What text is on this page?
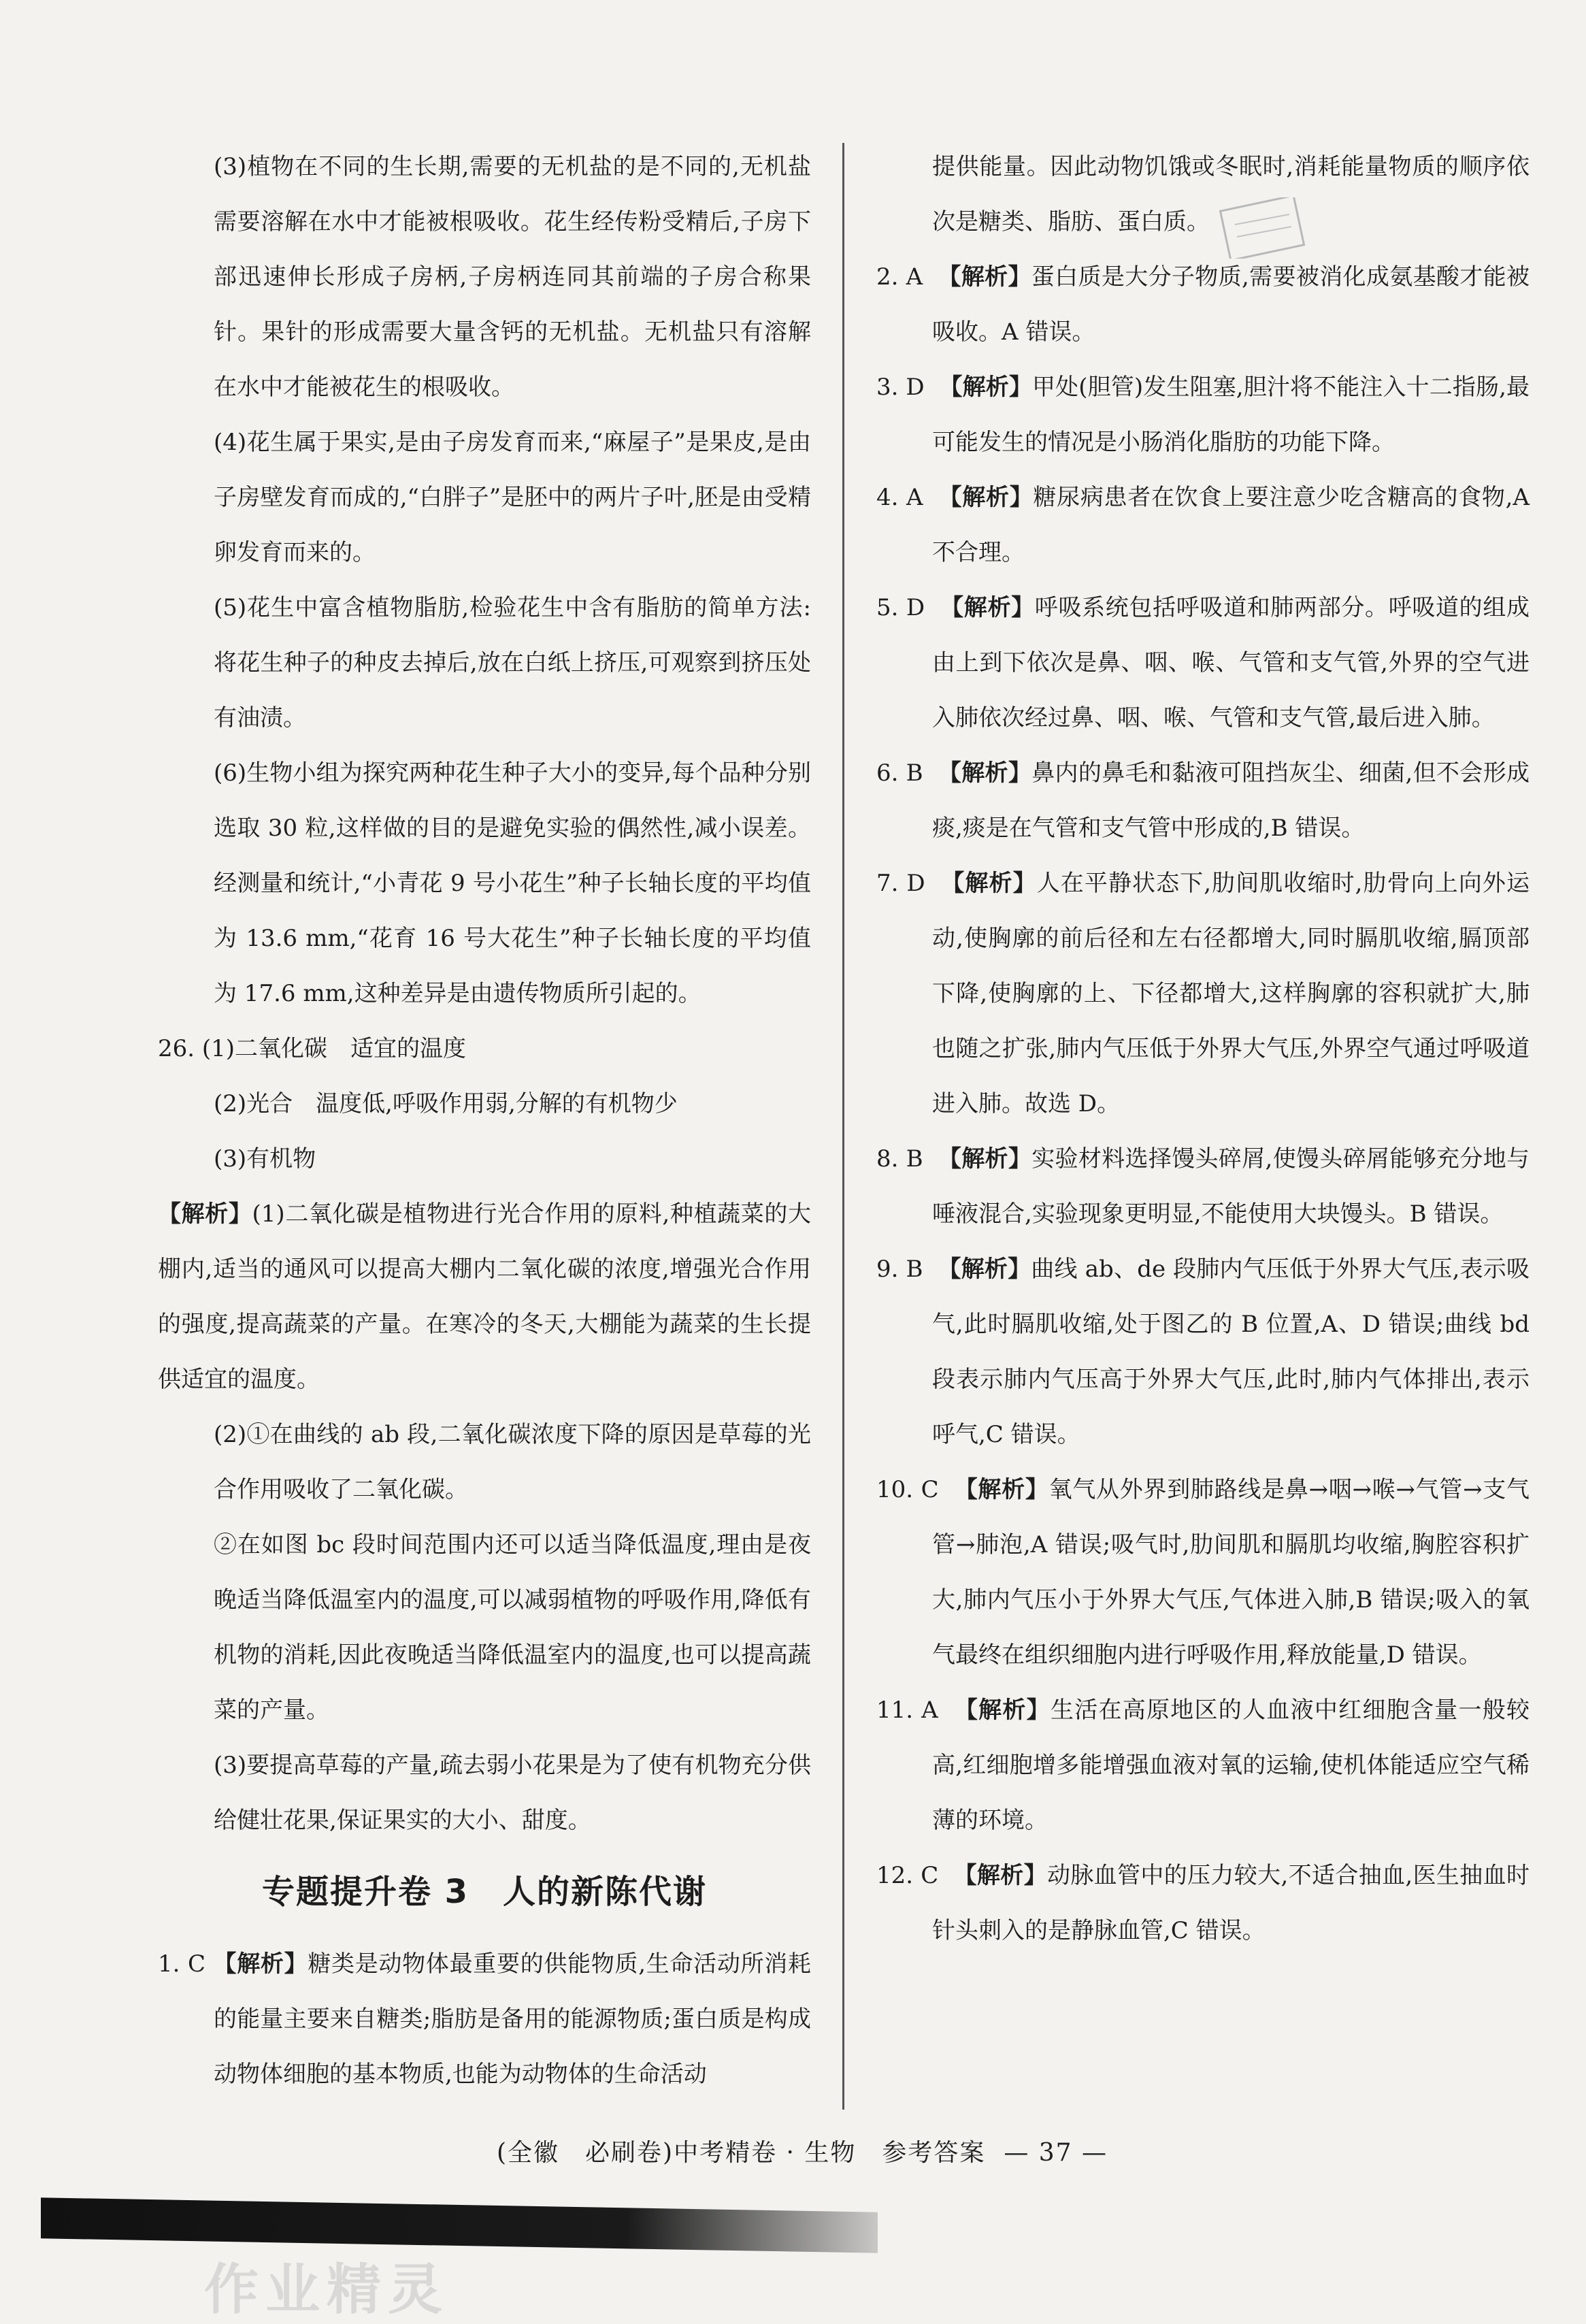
(3)植物在不同的生长期,需要的无机盐的是不同的,无机盐需要溶解在水中才能被根吸收。花生经传粉受精后,子房下部迅速伸长形成子房柄,子房柄连同其前端的子房合称果针。果针的形成需要大量含钙的无机盐。无机盐只有溶解在水中才能被花生的根吸收。

(4)花生属于果实,是由子房发育而来,“麻屋子”是果皮,是由子房壁发育而成的,“白胖子”是胚中的两片子叶,胚是由受精卵发育而来的。

(5)花生中富含植物脂肪,检验花生中含有脂肪的简单方法:将花生种子的种皮去掉后,放在白纸上挤压,可观察到挤压处有油渍。

(6)生物小组为探究两种花生种子大小的变异,每个品种分别选取 30 粒,这样做的目的是避免实验的偶然性,减小误差。经测量和统计,“小青花 9 号小花生”种子长轴长度的平均值为 13.6 mm,“花育 16 号大花生”种子长轴长度的平均值为 17.6 mm,这种差异是由遗传物质所引起的。

26. (1)二氧化碳　适宜的温度

(2)光合　温度低,呼吸作用弱,分解的有机物少

(3)有机物

【解析】(1)二氧化碳是植物进行光合作用的原料,种植蔬菜的大棚内,适当的通风可以提高大棚内二氧化碳的浓度,增强光合作用的强度,提高蔬菜的产量。在寒冷的冬天,大棚能为蔬菜的生长提供适宜的温度。

(2)①在曲线的 ab 段,二氧化碳浓度下降的原因是草莓的光合作用吸收了二氧化碳。

②在如图 bc 段时间范围内还可以适当降低温度,理由是夜晚适当降低温室内的温度,可以减弱植物的呼吸作用,降低有机物的消耗,因此夜晚适当降低温室内的温度,也可以提高蔬菜的产量。

(3)要提高草莓的产量,疏去弱小花果是为了使有机物充分供给健壮花果,保证果实的大小、甜度。

专题提升卷 3　人的新陈代谢

1. C 【解析】糖类是动物体最重要的供能物质,生命活动所消耗的能量主要来自糖类;脂肪是备用的能源物质;蛋白质是构成动物体细胞的基本物质,也能为动物体的生命活动

提供能量。因此动物饥饿或冬眠时,消耗能量物质的顺序依次是糖类、脂肪、蛋白质。

2. A 【解析】蛋白质是大分子物质,需要被消化成氨基酸才能被吸收。A 错误。

3. D 【解析】甲处(胆管)发生阻塞,胆汁将不能注入十二指肠,最可能发生的情况是小肠消化脂肪的功能下降。

4. A 【解析】糖尿病患者在饮食上要注意少吃含糖高的食物,A 不合理。

5. D 【解析】呼吸系统包括呼吸道和肺两部分。呼吸道的组成由上到下依次是鼻、咽、喉、气管和支气管,外界的空气进入肺依次经过鼻、咽、喉、气管和支气管,最后进入肺。

6. B 【解析】鼻内的鼻毛和黏液可阻挡灰尘、细菌,但不会形成痰,痰是在气管和支气管中形成的,B 错误。

7. D 【解析】人在平静状态下,肋间肌收缩时,肋骨向上向外运动,使胸廓的前后径和左右径都增大,同时膈肌收缩,膈顶部下降,使胸廓的上、下径都增大,这样胸廓的容积就扩大,肺也随之扩张,肺内气压低于外界大气压,外界空气通过呼吸道进入肺。故选 D。

8. B 【解析】实验材料选择馒头碎屑,使馒头碎屑能够充分地与唾液混合,实验现象更明显,不能使用大块馒头。B 错误。

9. B 【解析】曲线 ab、de 段肺内气压低于外界大气压,表示吸气,此时膈肌收缩,处于图乙的 B 位置,A、D 错误;曲线 bd 段表示肺内气压高于外界大气压,此时,肺内气体排出,表示呼气,C 错误。

10. C 【解析】氧气从外界到肺路线是鼻→咽→喉→气管→支气管→肺泡,A 错误;吸气时,肋间肌和膈肌均收缩,胸腔容积扩大,肺内气压小于外界大气压,气体进入肺,B 错误;吸入的氧气最终在组织细胞内进行呼吸作用,释放能量,D 错误。

11. A 【解析】生活在高原地区的人血液中红细胞含量一般较高,红细胞增多能增强血液对氧的运输,使机体能适应空气稀薄的环境。

12. C 【解析】动脉血管中的压力较大,不适合抽血,医生抽血时针头刺入的是静脉血管,C 错误。

(全徽　必刷卷)中考精卷 · 生物　参考答案 — 37 —
作业精灵
